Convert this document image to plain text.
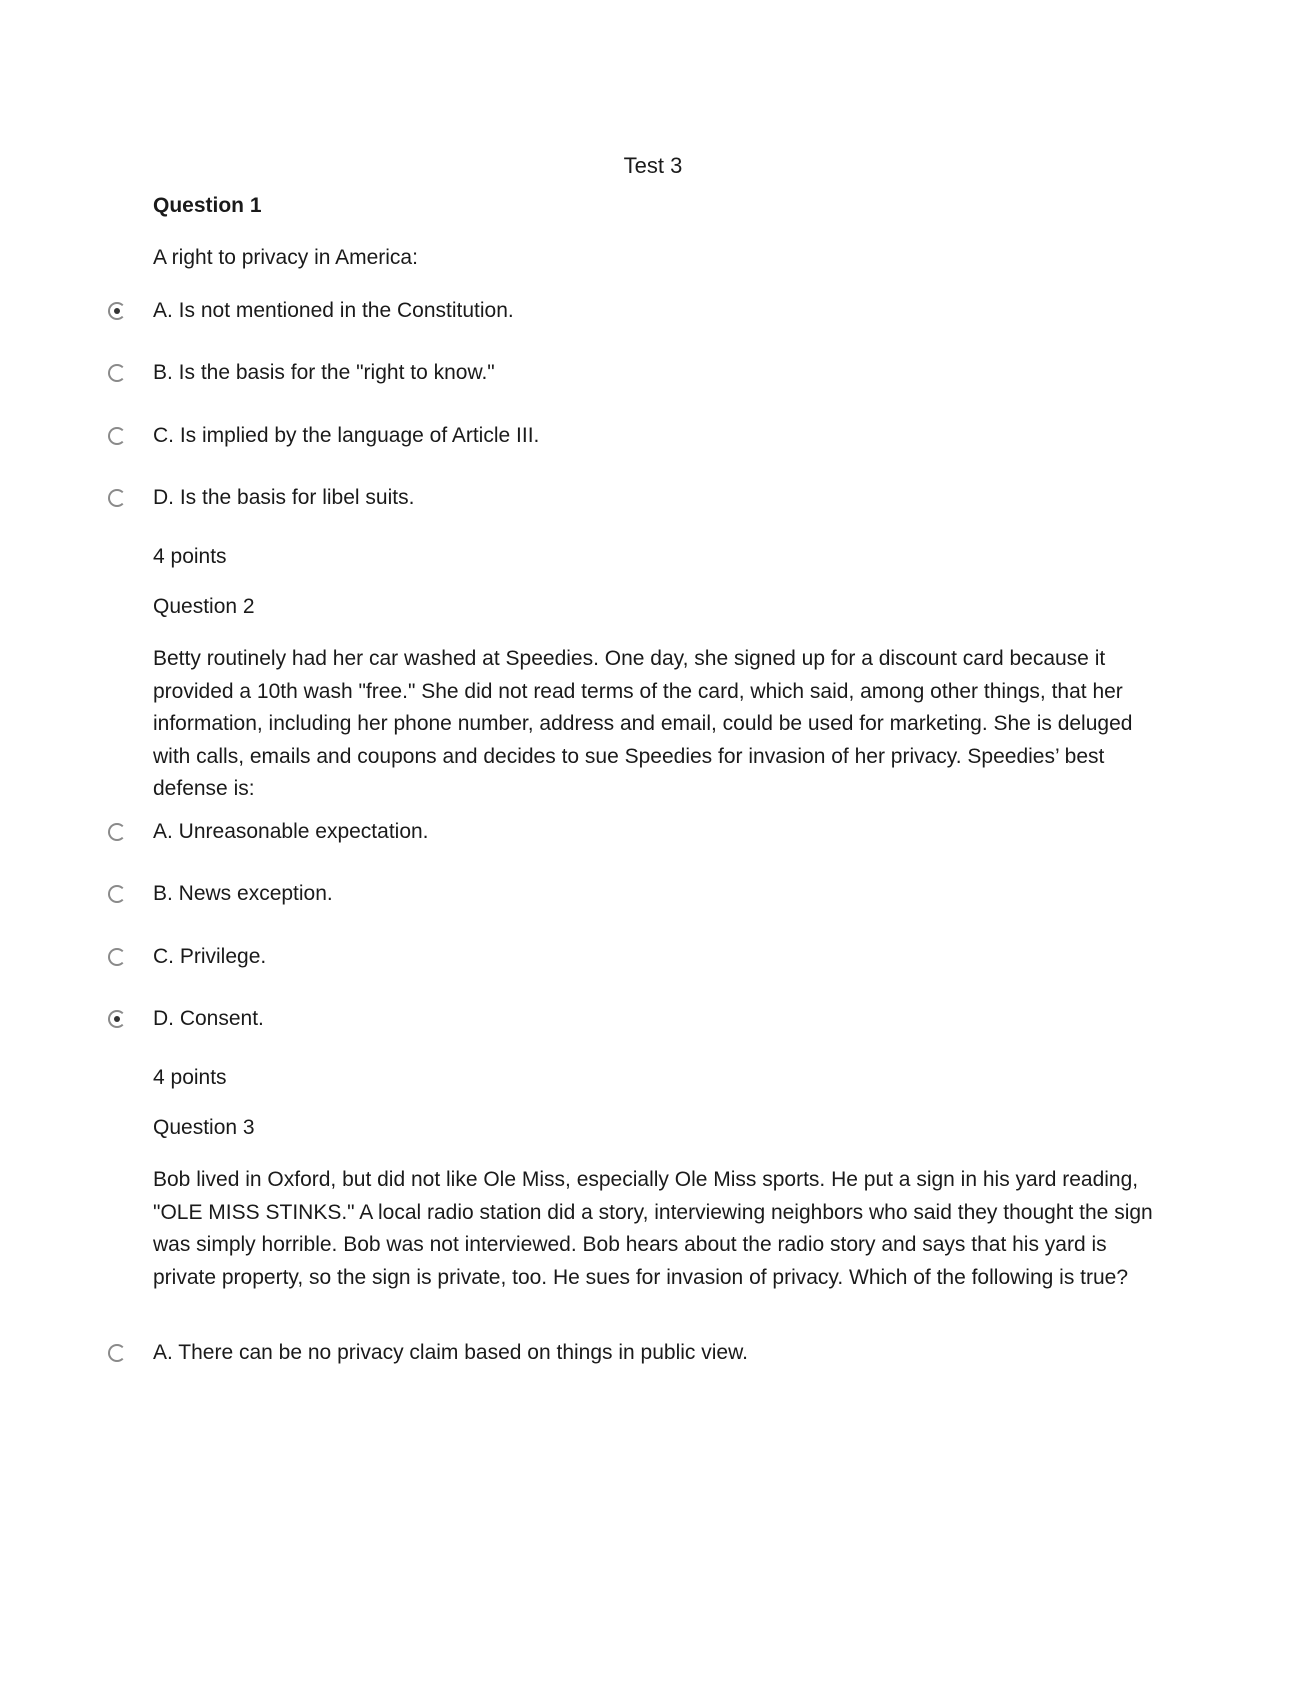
Test 3
Question 1
A right to privacy in America:
A. Is not mentioned in the Constitution.
B. Is the basis for the "right to know."
C. Is implied by the language of Article III.
D. Is the basis for libel suits.
4 points
Question 2
Betty routinely had her car washed at Speedies. One day, she signed up for a discount card because it provided a 10th wash "free." She did not read terms of the card, which said, among other things, that her information, including her phone number, address and email, could be used for marketing. She is deluged with calls, emails and coupons and decides to sue Speedies for invasion of her privacy. Speedies’ best defense is:
A. Unreasonable expectation.
B. News exception.
C. Privilege.
D. Consent.
4 points
Question 3
Bob lived in Oxford, but did not like Ole Miss, especially Ole Miss sports. He put a sign in his yard reading, "OLE MISS STINKS." A local radio station did a story, interviewing neighbors who said they thought the sign was simply horrible. Bob was not interviewed. Bob hears about the radio story and says that his yard is private property, so the sign is private, too. He sues for invasion of privacy. Which of the following is true?
A. There can be no privacy claim based on things in public view.
